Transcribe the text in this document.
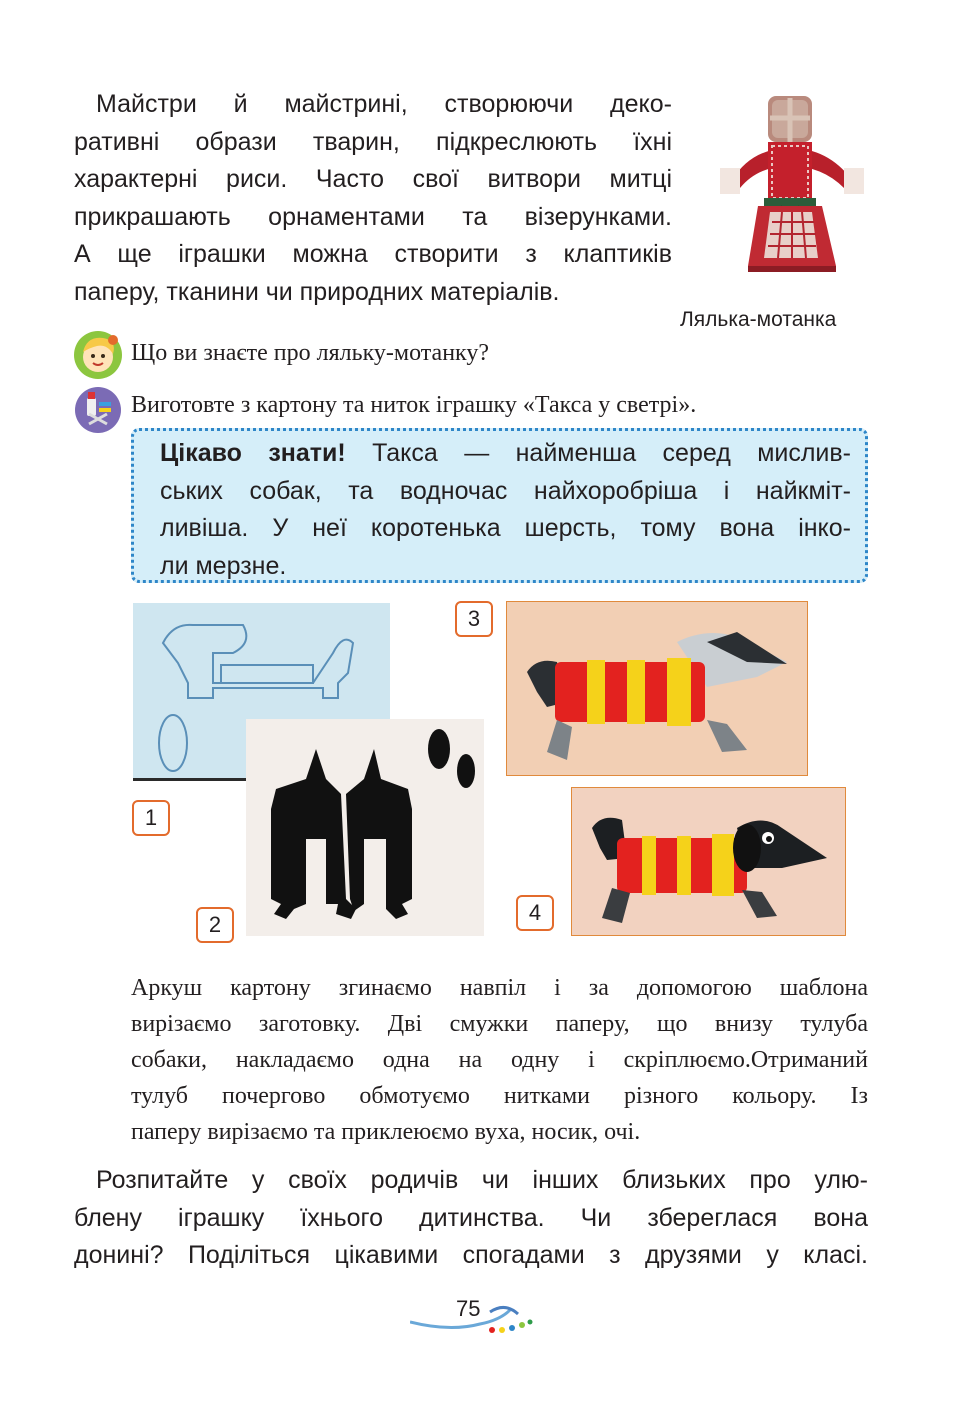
Майстри й майстрині, створюючи деко-
ративні образи тварин, підкреслюють їхні
характерні риси. Часто свої витвори митці
прикрашають орнаментами та візерунками.
А ще іграшки можна створити з клаптиків
паперу, тканини чи природних матеріалів.
Лялька-мотанка
Що ви знаєте про ляльку-мотанку?
Виготовте з картону та ниток іграшку «Такса у светрі».
Цікаво знати! Такса — найменша серед мислив-
ських собак, та водночас найхоробріша і найкміт-
ливіша. У неї коротенька шерсть, тому вона інко-
ли мерзне.
1
2
3
4
Аркуш картону згинаємо навпіл і за допомогою шаблона
вирізаємо заготовку. Дві смужки паперу, що внизу тулуба
собаки, накладаємо одна на одну і скріплюємо.Отриманий
тулуб почергово обмотуємо нитками різного кольору. Із
паперу вирізаємо та приклеюємо вуха, носик, очі.
Розпитайте у своїх родичів чи інших близьких про улю-
блену іграшку їхнього дитинства. Чи збереглася вона
донині? Поділіться цікавими спогадами з друзями у класі.
75
